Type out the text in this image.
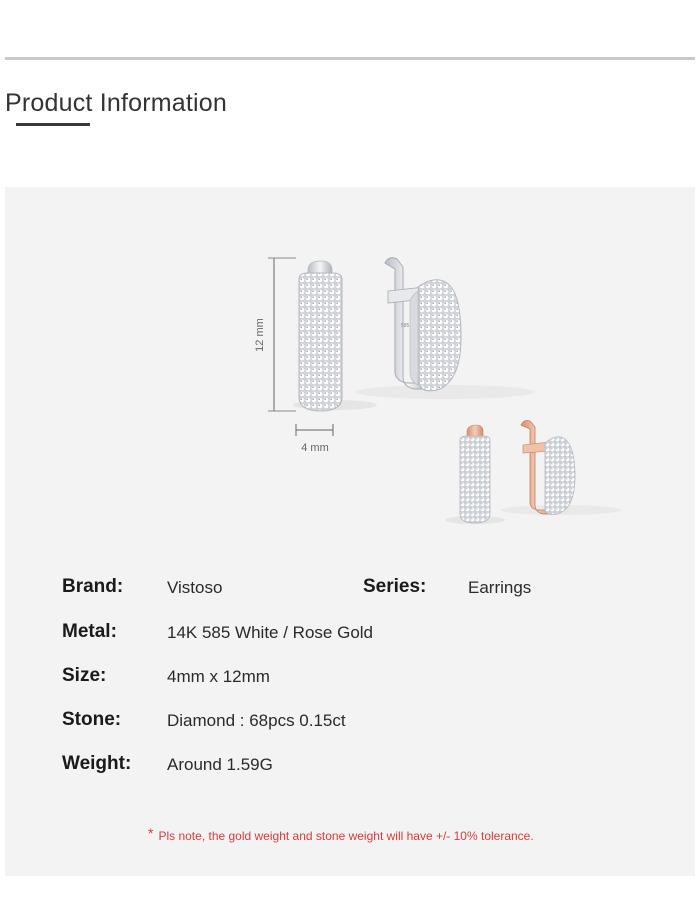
Product Information
12 mm
4 mm
585
Brand:	Vistoso	Series: Earrings
Metal:	14K 585 White / Rose Gold
Size:	4mm x 12mm
Stone:	Diamond : 68pcs 0.15ct
Weight: Around 1.59G
* Pls note, the gold weight and stone weight will have +/- 10% tolerance.
